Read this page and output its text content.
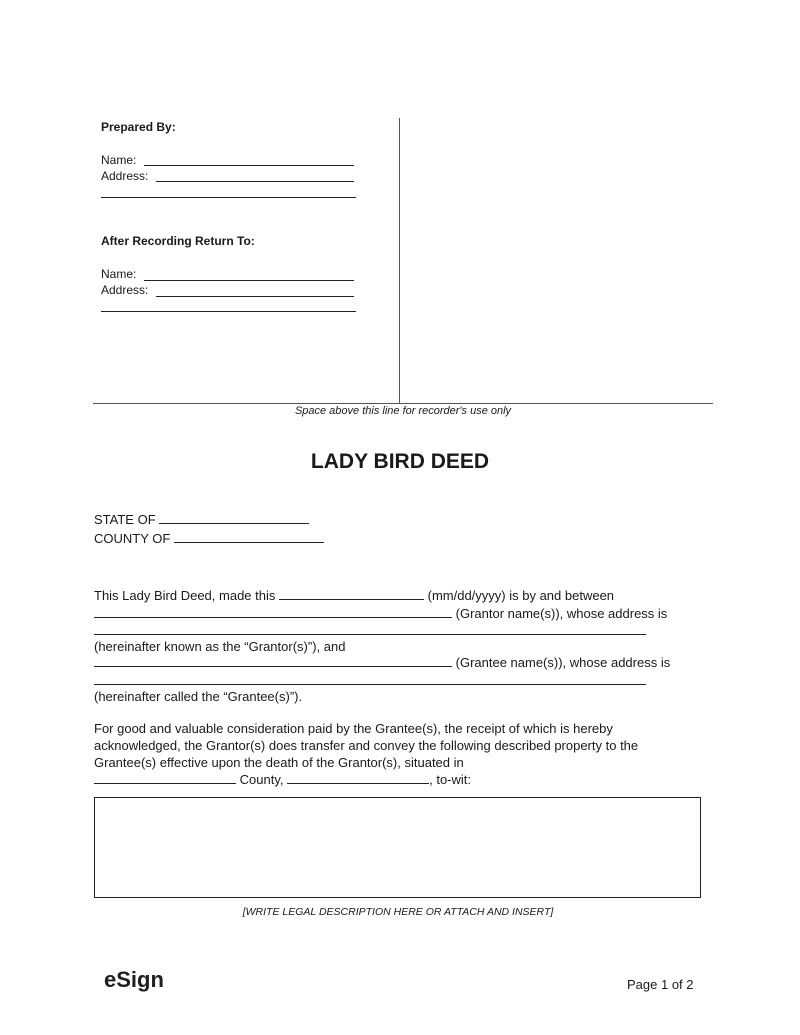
Prepared By:
Name:
Address:
After Recording Return To:
Name:
Address:
Space above this line for recorder's use only
LADY BIRD DEED
STATE OF
COUNTY OF
This Lady Bird Deed, made this	(mm/dd/yyyy) is by and between
(Grantor name(s)), whose address is
(hereinafter known as the “Grantor(s)”), and
(Grantee name(s)), whose address is
(hereinafter called the “Grantee(s)”).
For good and valuable consideration paid by the Grantee(s), the receipt of which is hereby
acknowledged, the Grantor(s) does transfer and convey the following described property to the
Grantee(s) effective upon the death of the Grantor(s), situated in
County,	, to-wit:
[WRITE LEGAL DESCRIPTION HERE OR ATTACH AND INSERT]
eSign	Page 1 of 2
